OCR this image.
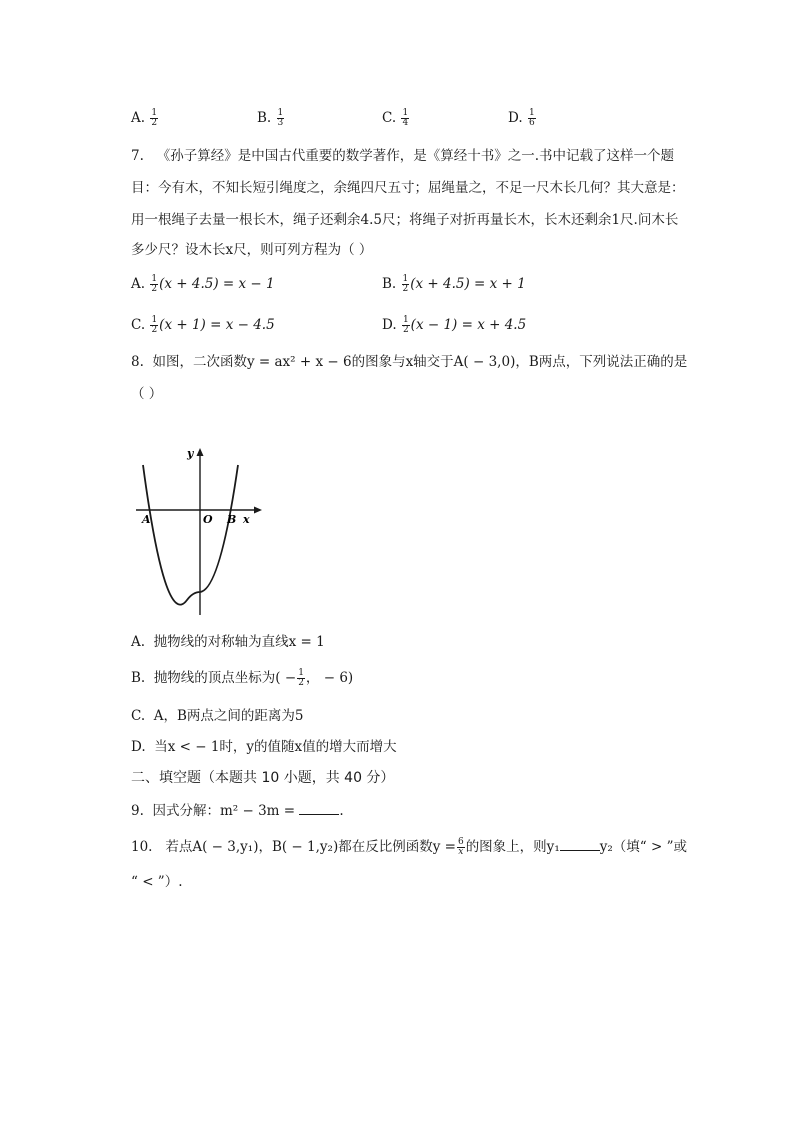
A. $\frac{1}{2}$	B. $\frac{1}{3}$	C. $\frac{1}{4}$	D. $\frac{1}{6}$
7. 《孙子算经》是中国古代重要的数学著作，是《算经十书》之一.书中记载了这样一个题
目：今有木，不知长短引绳度之，余绳四尺五寸；屈绳量之，不足一尺木长几何？其大意是：
用一根绳子去量一根长木，绳子还剩余4.5尺；将绳子对折再量长木，长木还剩余1尺.问木长
多少尺？设木长x尺，则可列方程为（ ）
A. $\frac{1}{2} (x + 4.5) = x - 1$	B. $\frac{1}{2} (x + 4.5) = x + 1$
C. $\frac{1}{2} (x + 1) = x - 4.5$	D. $\frac{1}{2} (x - 1) = x + 4.5$
8. 如图，二次函数y = ax² + x − 6的图象与x轴交于A( − 3,0)，B两点，下列说法正确的是
（ ）
y
x
A	O B
A. 抛物线的对称轴为直线x = 1
B. 抛物线的顶点坐标为( − $\frac{1}{2}$ ， − 6)
C. A，B两点之间的距离为5
D. 当x < − 1时，y的值随x值的增大而增大
二、填空题（本题共 10 小题，共 40 分）
9. 因式分解：m² − 3m =	.
10. 若点A( − 3,y₁)，B( − 1,y₂)都在反比例函数$y = \frac{6}{x}$ 的图象上，则y₁	y₂（填“ > ”或
“ < ”）.
